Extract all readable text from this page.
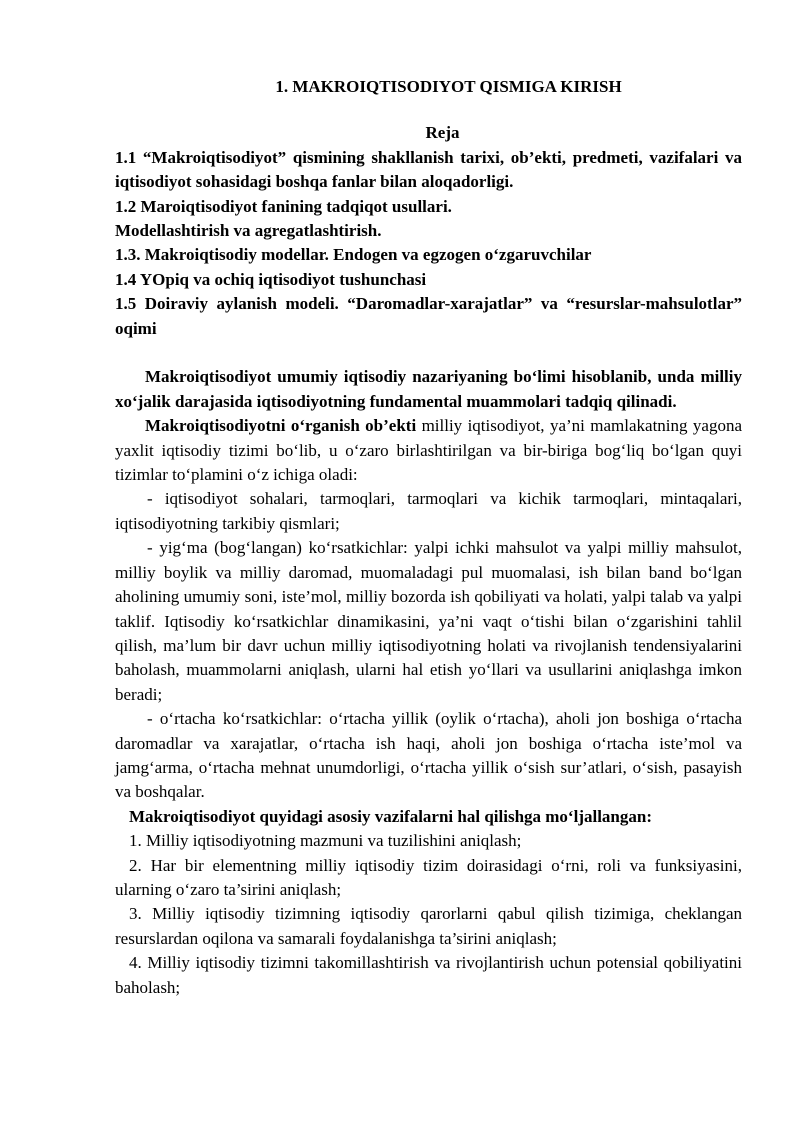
1. MAKROIQTISODIYOT QISMIGA KIRISH
Reja
1.1 “Makroiqtisodiyot” qismining shakllanish tarixi, ob’ekti, predmeti, vazifalari va iqtisodiyot sohasidagi boshqa fanlar bilan aloqadorligi.
1.2 Maroiqtisodiyot fanining tadqiqot usullari.
Modellashtirish va agregatlashtirish.
1.3. Makroiqtisodiy modellar. Endogen va egzogen o‘zgaruvchilar
1.4 YOpiq va ochiq iqtisodiyot tushunchasi
1.5 Doiraviy aylanish modeli. “Daromadlar-xarajatlar” va “resurslar-mahsulotlar” oqimi

Makroiqtisodiyot umumiy iqtisodiy nazariyaning bo‘limi hisoblanib, unda milliy xo‘jalik darajasida iqtisodiyotning fundamental muammolari tadqiq qilinadi.

Makroiqtisodiyotni o‘rganish ob’ekti milliy iqtisodiyot, ya’ni mamlakatning yagona yaxlit iqtisodiy tizimi bo‘lib, u o‘zaro birlashtirilgan va bir-biriga bog‘liq bo‘lgan quyi tizimlar to‘plamini o‘z ichiga oladi:

- iqtisodiyot sohalari, tarmoqlari, tarmoqlari va kichik tarmoqlari, mintaqalari, iqtisodiyotning tarkibiy qismlari;

- yig‘ma (bog‘langan) ko‘rsatkichlar: yalpi ichki mahsulot va yalpi milliy mahsulot, milliy boylik va milliy daromad, muomaladagi pul muomalasi, ish bilan band bo‘lgan aholining umumiy soni, iste’mol, milliy bozorda ish qobiliyati va holati, yalpi talab va yalpi taklif. Iqtisodiy ko‘rsatkichlar dinamikasini, ya’ni vaqt o‘tishi bilan o‘zgarishini tahlil qilish, ma’lum bir davr uchun milliy iqtisodiyotning holati va rivojlanish tendensiyalarini baholash, muammolarni aniqlash, ularni hal etish yo‘llari va usullarini aniqlashga imkon beradi;

- o‘rtacha ko‘rsatkichlar: o‘rtacha yillik (oylik o‘rtacha), aholi jon boshiga o‘rtacha daromadlar va xarajatlar, o‘rtacha ish haqi, aholi jon boshiga o‘rtacha iste’mol va jamg‘arma, o‘rtacha mehnat unumdorligi, o‘rtacha yillik o‘sish sur’atlari, o‘sish, pasayish va boshqalar.

Makroiqtisodiyot quyidagi asosiy vazifalarni hal qilishga mo‘ljallangan:

1. Milliy iqtisodiyotning mazmuni va tuzilishini aniqlash;

2. Har bir elementning milliy iqtisodiy tizim doirasidagi o‘rni, roli va funksiyasini, ularning o‘zaro ta’sirini aniqlash;

3. Milliy iqtisodiy tizimning iqtisodiy qarorlarni qabul qilish tizimiga, cheklangan resurslardan oqilona va samarali foydalanishga ta’sirini aniqlash;

4. Milliy iqtisodiy tizimni takomillashtirish va rivojlantirish uchun potensial qobiliyatini baholash;
